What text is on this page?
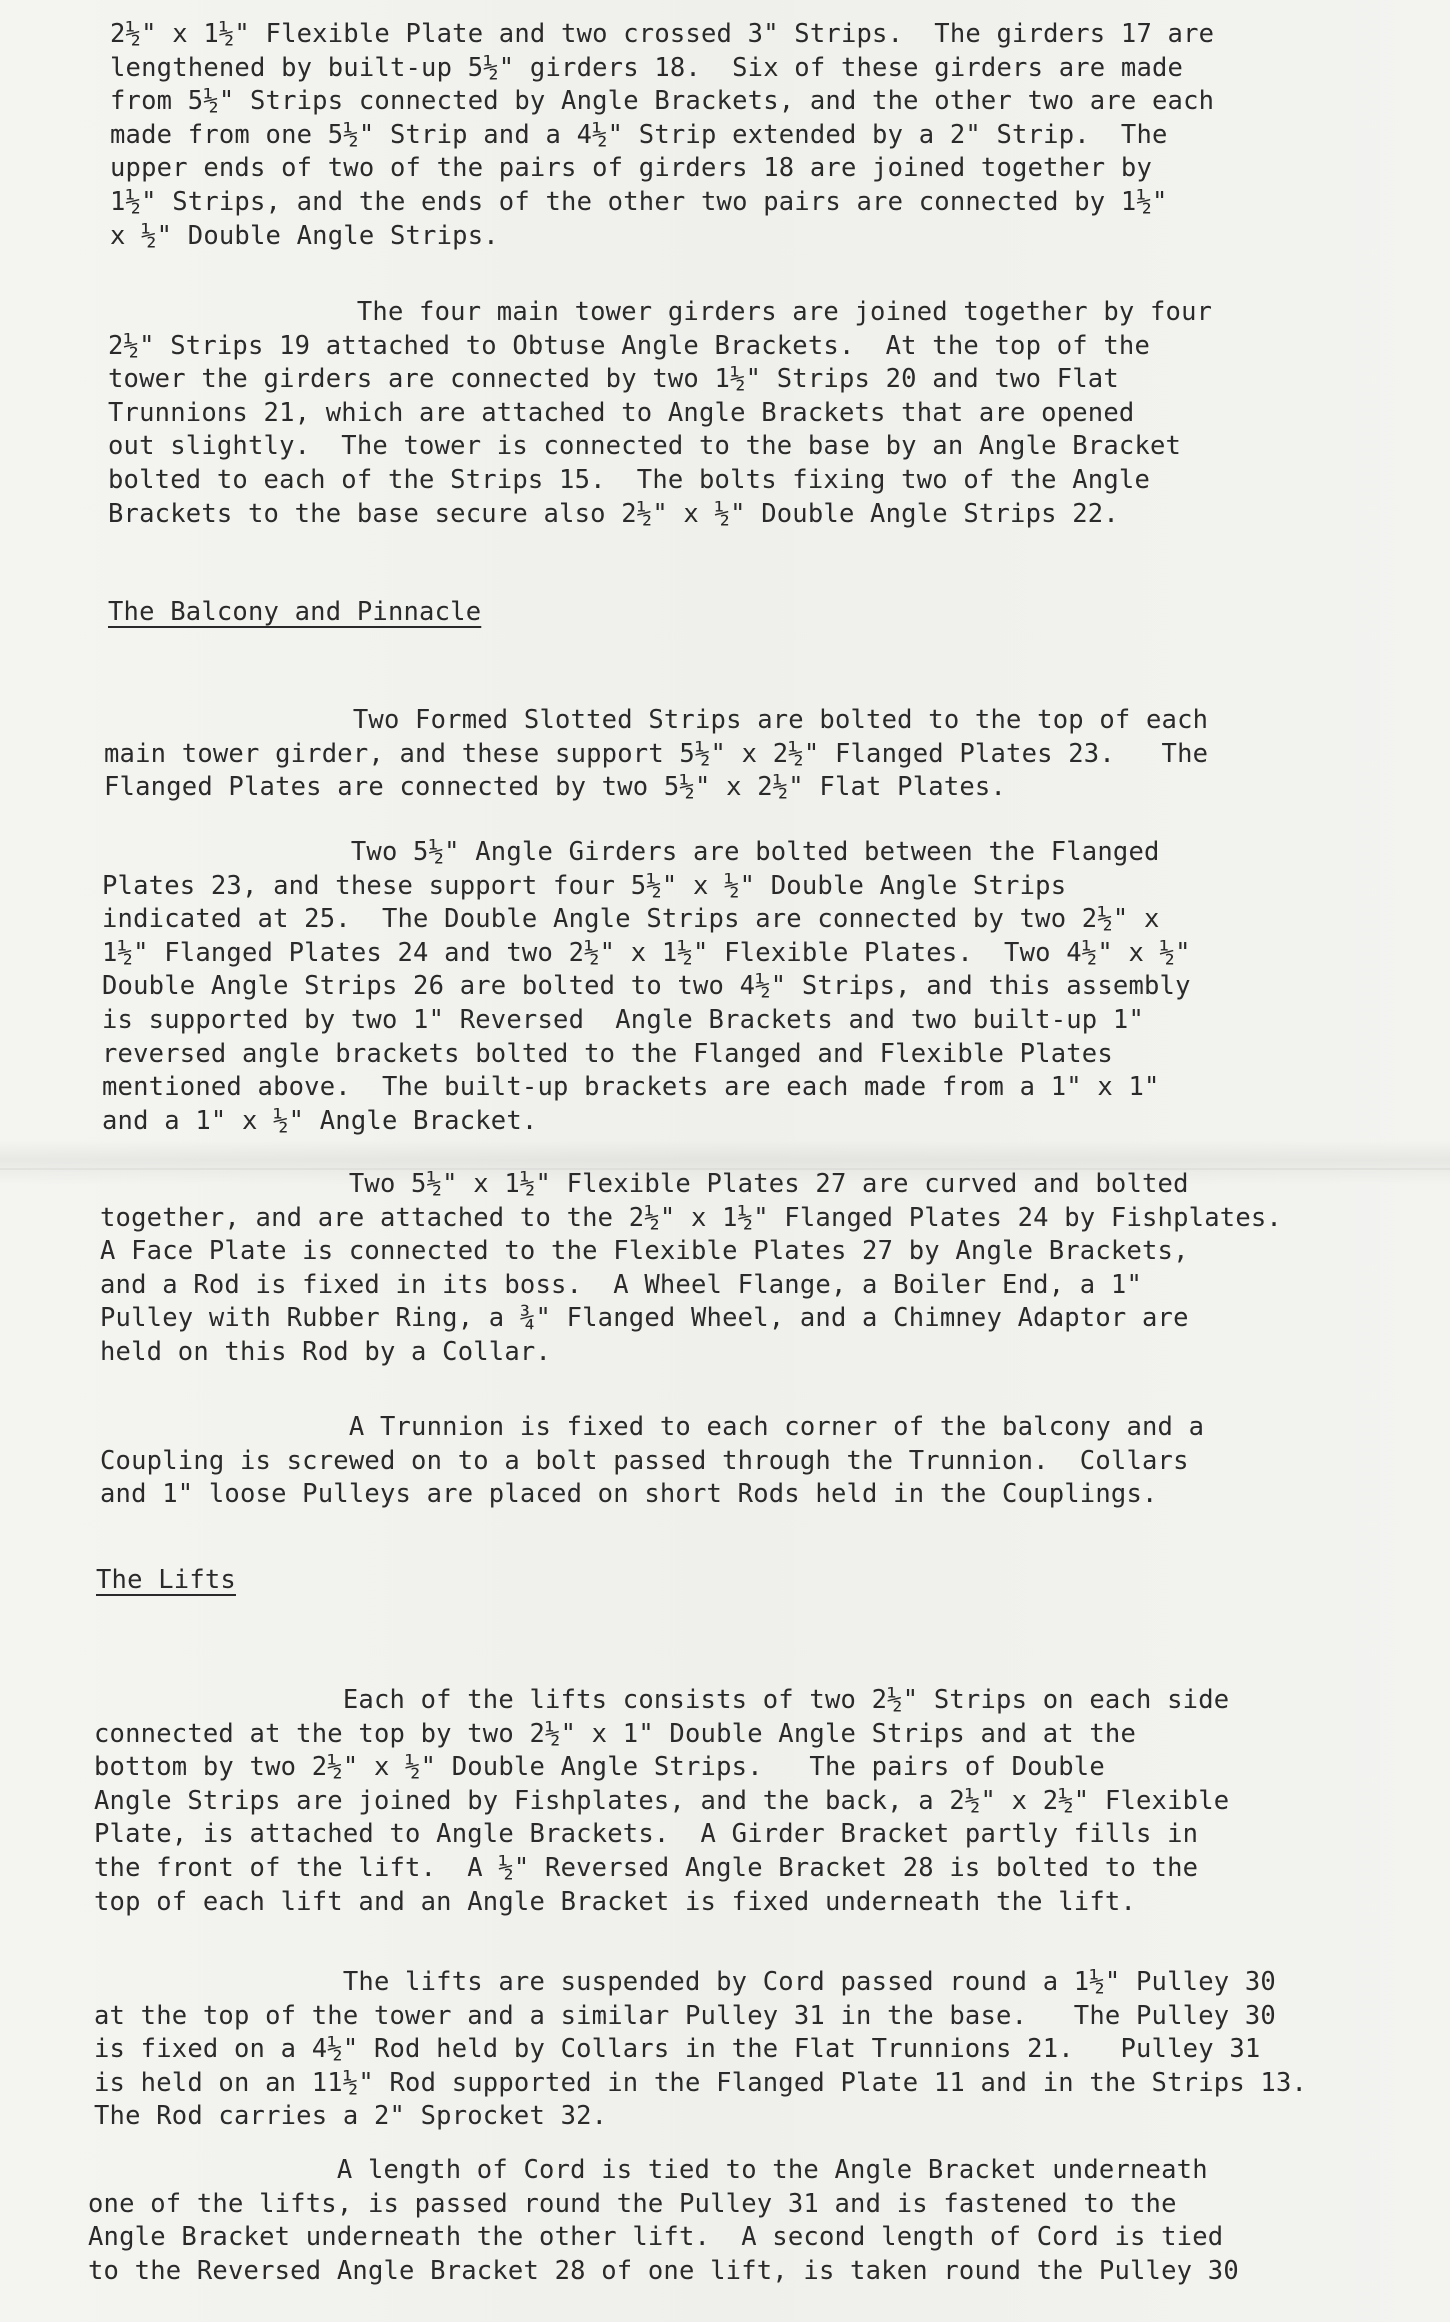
2½" x 1½" Flexible Plate and two crossed 3" Strips.  The girders 17 are
lengthened by built-up 5½" girders 18.  Six of these girders are made
from 5½" Strips connected by Angle Brackets, and the other two are each
made from one 5½" Strip and a 4½" Strip extended by a 2" Strip.  The
upper ends of two of the pairs of girders 18 are joined together by
1½" Strips, and the ends of the other two pairs are connected by 1½"
x ½" Double Angle Strips.

The four main tower girders are joined together by four
2½" Strips 19 attached to Obtuse Angle Brackets.  At the top of the
tower the girders are connected by two 1½" Strips 20 and two Flat
Trunnions 21, which are attached to Angle Brackets that are opened
out slightly.  The tower is connected to the base by an Angle Bracket
bolted to each of the Strips 15.  The bolts fixing two of the Angle
Brackets to the base secure also 2½" x ½" Double Angle Strips 22.

The Balcony and Pinnacle

Two Formed Slotted Strips are bolted to the top of each
main tower girder, and these support 5½" x 2½" Flanged Plates 23.   The
Flanged Plates are connected by two 5½" x 2½" Flat Plates.

Two 5½" Angle Girders are bolted between the Flanged
Plates 23, and these support four 5½" x ½" Double Angle Strips
indicated at 25.  The Double Angle Strips are connected by two 2½" x
1½" Flanged Plates 24 and two 2½" x 1½" Flexible Plates.  Two 4½" x ½"
Double Angle Strips 26 are bolted to two 4½" Strips, and this assembly
is supported by two 1" Reversed  Angle Brackets and two built-up 1"
reversed angle brackets bolted to the Flanged and Flexible Plates
mentioned above.  The built-up brackets are each made from a 1" x 1"
and a 1" x ½" Angle Bracket.

Two 5½" x 1½" Flexible Plates 27 are curved and bolted
together, and are attached to the 2½" x 1½" Flanged Plates 24 by Fishplates.
A Face Plate is connected to the Flexible Plates 27 by Angle Brackets,
and a Rod is fixed in its boss.  A Wheel Flange, a Boiler End, a 1"
Pulley with Rubber Ring, a ¾" Flanged Wheel, and a Chimney Adaptor are
held on this Rod by a Collar.

A Trunnion is fixed to each corner of the balcony and a
Coupling is screwed on to a bolt passed through the Trunnion.  Collars
and 1" loose Pulleys are placed on short Rods held in the Couplings.

The Lifts

Each of the lifts consists of two 2½" Strips on each side
connected at the top by two 2½" x 1" Double Angle Strips and at the
bottom by two 2½" x ½" Double Angle Strips.   The pairs of Double
Angle Strips are joined by Fishplates, and the back, a 2½" x 2½" Flexible
Plate, is attached to Angle Brackets.  A Girder Bracket partly fills in
the front of the lift.  A ½" Reversed Angle Bracket 28 is bolted to the
top of each lift and an Angle Bracket is fixed underneath the lift.

The lifts are suspended by Cord passed round a 1½" Pulley 30
at the top of the tower and a similar Pulley 31 in the base.   The Pulley 30
is fixed on a 4½" Rod held by Collars in the Flat Trunnions 21.   Pulley 31
is held on an 11½" Rod supported in the Flanged Plate 11 and in the Strips 13.
The Rod carries a 2" Sprocket 32.

A length of Cord is tied to the Angle Bracket underneath
one of the lifts, is passed round the Pulley 31 and is fastened to the
Angle Bracket underneath the other lift.  A second length of Cord is tied
to the Reversed Angle Bracket 28 of one lift, is taken round the Pulley 30
